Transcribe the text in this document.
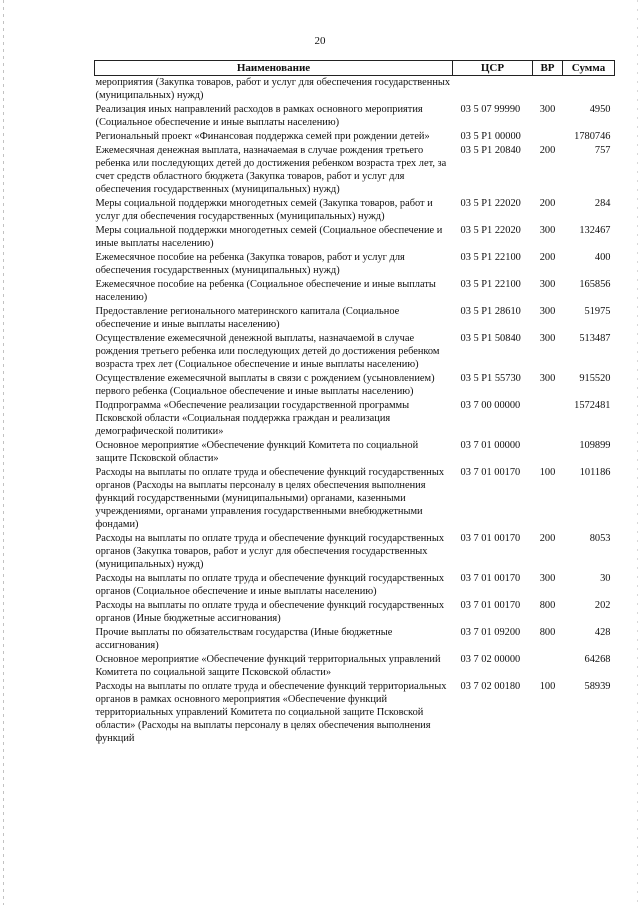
20
Наименование	ЦСР	ВР	Сумма
мероприятия (Закупка товаров, работ и услуг для обеспечения государственных (муниципальных) нужд)			
Реализация иных направлений расходов в рамках основного мероприятия (Социальное обеспечение и иные выплаты населению)	03 5 07 99990	300	4950
Региональный проект «Финансовая поддержка семей при рождении детей»	03 5 Р1 00000		1780746
Ежемесячная денежная выплата, назначаемая в случае рождения третьего ребенка или последующих детей до достижения ребенком возраста трех лет, за счет средств областного бюджета (Закупка товаров, работ и услуг для обеспечения государственных (муниципальных) нужд)	03 5 Р1 20840	200	757
Меры социальной поддержки многодетных семей (Закупка товаров, работ и услуг для обеспечения государственных (муниципальных) нужд)	03 5 Р1 22020	200	284
Меры социальной поддержки многодетных семей (Социальное обеспечение и иные выплаты населению)	03 5 Р1 22020	300	132467
Ежемесячное пособие на ребенка (Закупка товаров, работ и услуг для обеспечения государственных (муниципальных) нужд)	03 5 Р1 22100	200	400
Ежемесячное пособие на ребенка (Социальное обеспечение и иные выплаты населению)	03 5 Р1 22100	300	165856
Предоставление регионального материнского капитала (Социальное обеспечение и иные выплаты населению)	03 5 Р1 28610	300	51975
Осуществление ежемесячной денежной выплаты, назначаемой в случае рождения третьего ребенка или последующих детей до достижения ребенком возраста трех лет (Социальное обеспечение и иные выплаты населению)	03 5 Р1 50840	300	513487
Осуществление ежемесячной выплаты в связи с рождением (усыновлением) первого ребенка (Социальное обеспечение и иные выплаты населению)	03 5 Р1 55730	300	915520
Подпрограмма «Обеспечение реализации государственной программы Псковской области «Социальная поддержка граждан и реализация демографической политики»	03 7 00 00000		1572481
Основное мероприятие «Обеспечение функций Комитета по социальной защите Псковской области»	03 7 01 00000		109899
Расходы на выплаты по оплате труда и обеспечение функций государственных органов (Расходы на выплаты персоналу в целях обеспечения выполнения функций государственными (муниципальными) органами, казенными учреждениями, органами управления государственными внебюджетными фондами)	03 7 01 00170	100	101186
Расходы на выплаты по оплате труда и обеспечение функций государственных органов (Закупка товаров, работ и услуг для обеспечения государственных (муниципальных) нужд)	03 7 01 00170	200	8053
Расходы на выплаты по оплате труда и обеспечение функций государственных органов (Социальное обеспечение и иные выплаты населению)	03 7 01 00170	300	30
Расходы на выплаты по оплате труда и обеспечение функций государственных органов (Иные бюджетные ассигнования)	03 7 01 00170	800	202
Прочие выплаты по обязательствам государства (Иные бюджетные ассигнования)	03 7 01 09200	800	428
Основное мероприятие «Обеспечение функций территориальных управлений Комитета по социальной защите Псковской области»	03 7 02 00000		64268
Расходы на выплаты по оплате труда и обеспечение функций территориальных органов в рамках основного мероприятия «Обеспечение функций территориальных управлений Комитета по социальной защите Псковской области» (Расходы на выплаты персоналу в целях обеспечения выполнения функций	03 7 02 00180	100	58939
